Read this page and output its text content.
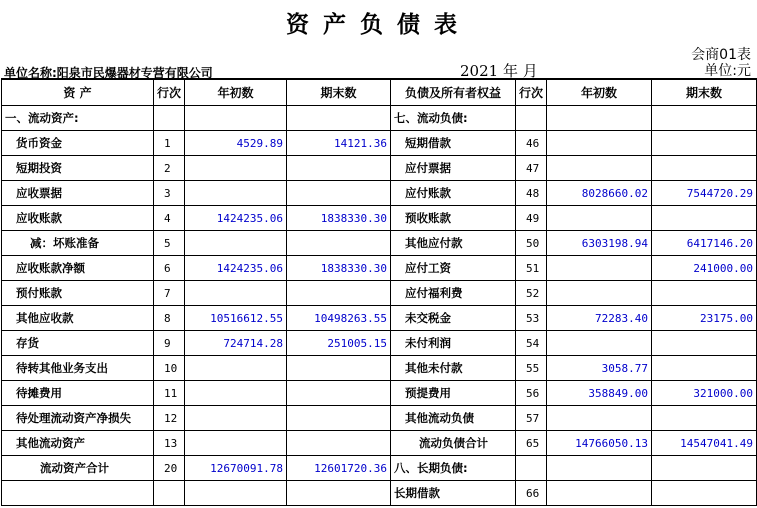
资产负债表
会商01表
单位名称:阳泉市民爆器材专营有限公司	2021 年 月	单位:元
资 产	行次	年初数	期末数	负债及所有者权益	行次	年初数	期末数
一、流动资产:				七、流动负债:			
货币资金	1	4529.89	14121.36	短期借款	46		
短期投资	2			应付票据	47		
应收票据	3			应付账款	48	8028660.02	7544720.29
应收账款	4	1424235.06	1838330.30	预收账款	49		
减：坏账准备	5			其他应付款	50	6303198.94	6417146.20
应收账款净额	6	1424235.06	1838330.30	应付工资	51		241000.00
预付账款	7			应付福利费	52		
其他应收款	8	10516612.55	10498263.55	未交税金	53	72283.40	23175.00
存货	9	724714.28	251005.15	未付利润	54		
待转其他业务支出	10			其他未付款	55	3058.77	
待摊费用	11			预提费用	56	358849.00	321000.00
待处理流动资产净损失	12			其他流动负债	57		
其他流动资产	13			流动负债合计	65	14766050.13	14547041.49
流动资产合计	20	12670091.78	12601720.36	八、长期负债:			
				长期借款	66		
